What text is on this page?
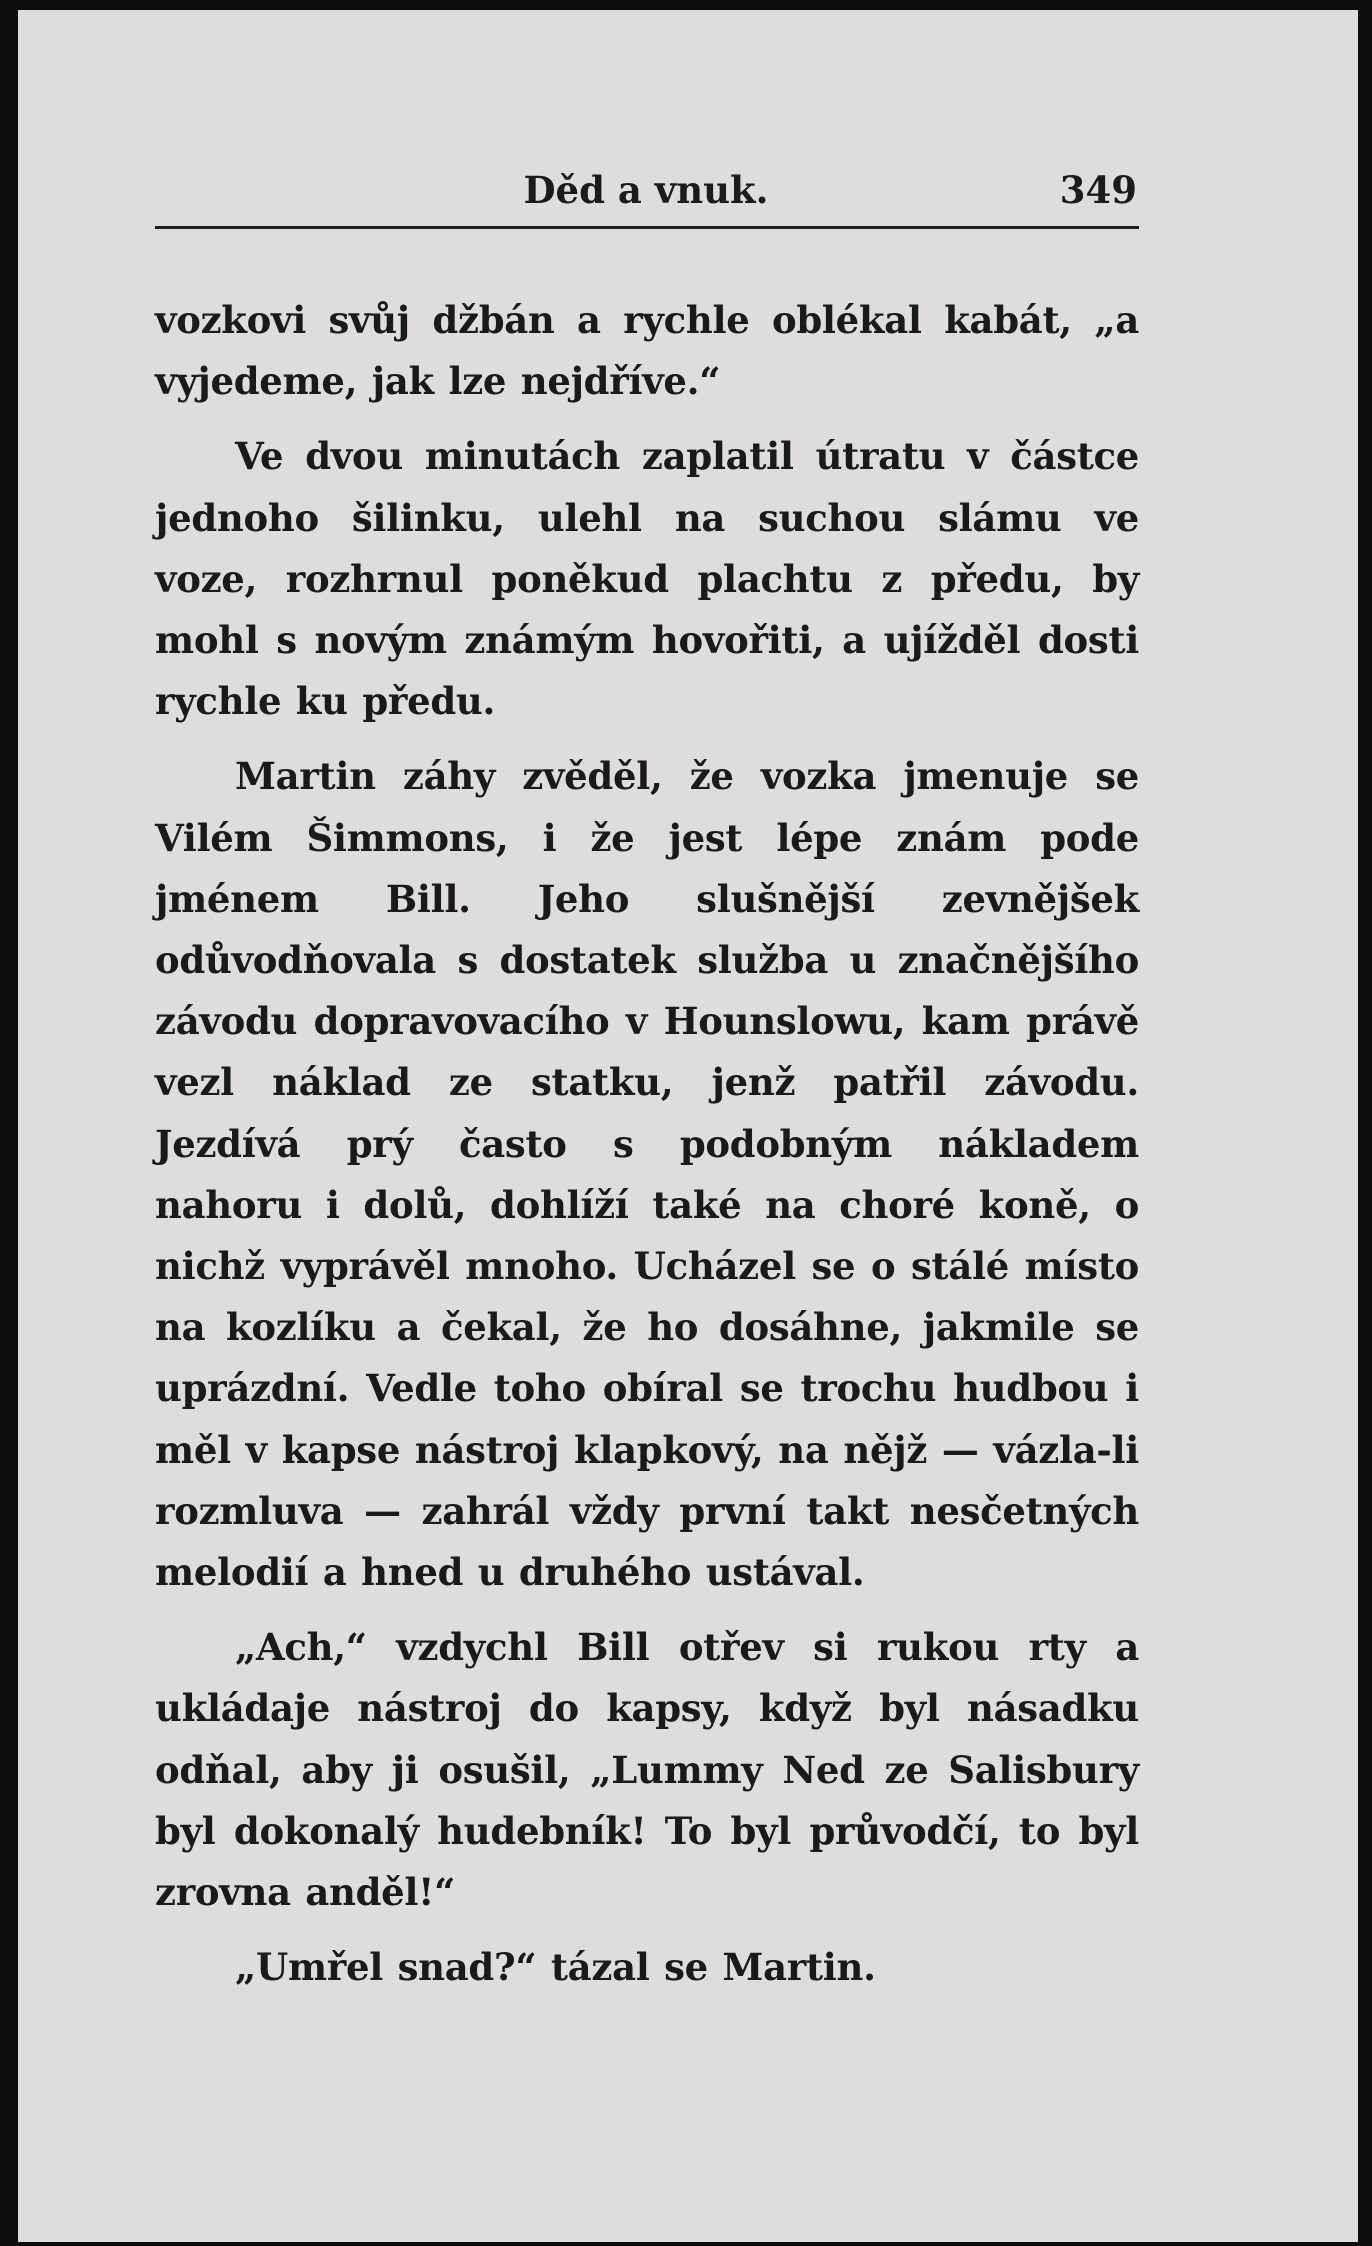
Děd a vnuk.	349

vozkovi svůj džbán a rychle oblékal kabát, „a vyjedeme, jak lze nejdříve.“

Ve dvou minutách zaplatil útratu v částce jednoho šilinku, ulehl na suchou slámu ve voze, rozhrnul poněkud plachtu z předu, by mohl s novým známým hovořiti, a ujížděl dosti rychle ku předu.

Martin záhy zvěděl, že vozka jmenuje se Vilém Šimmons, i že jest lépe znám pode jménem Bill. Jeho slušnější zevnějšek odůvodňovala s dostatek služba u značnějšího závodu dopravovacího v Hounslowu, kam právě vezl náklad ze statku, jenž patřil závodu. Jezdívá prý často s podobným nákladem nahoru i dolů, dohlíží také na choré koně, o nichž vyprávěl mnoho. Ucházel se o stálé místo na kozlíku a čekal, že ho dosáhne, jakmile se uprázdní. Vedle toho obíral se trochu hudbou i měl v kapse nástroj klapkový, na nějž — vázla-li rozmluva — zahrál vždy první takt nesčetných melodií a hned u druhého ustával.

„Ach,“ vzdychl Bill otřev si rukou rty a ukládaje nástroj do kapsy, když byl násadku odňal, aby ji osušil, „Lummy Ned ze Salisbury byl dokonalý hudebník! To byl průvodčí, to byl zrovna anděl!“

„Umřel snad?“ tázal se Martin.
